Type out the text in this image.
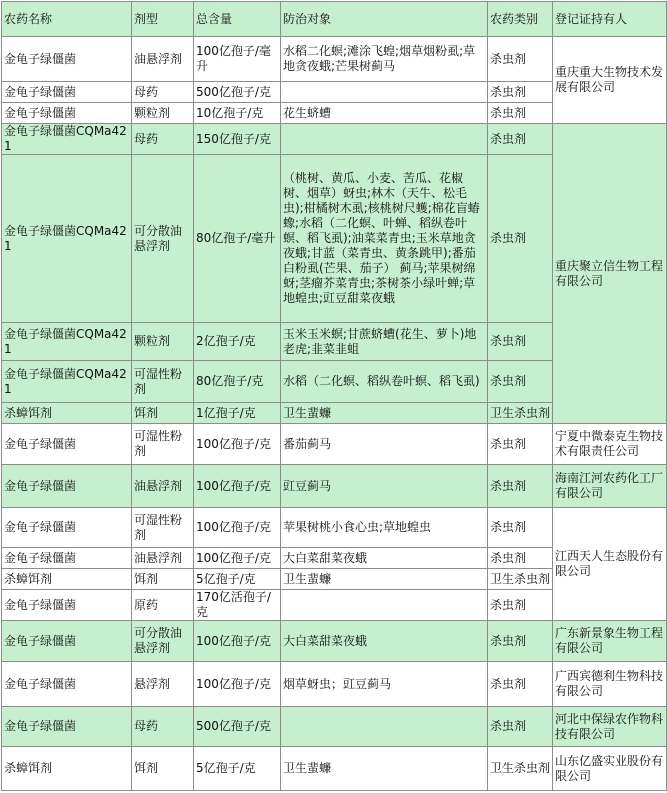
农药名称	剂型	总含量	防治对象	农药类别	登记证持有人
金龟子绿僵菌	油悬浮剂	100亿孢子/毫升	水稻二化螟;滩涂飞蝗;烟草烟粉虱;草地贪夜蛾;芒果树蓟马	杀虫剂	重庆重大生物技术发展有限公司
金龟子绿僵菌	母药	500亿孢子/克		杀虫剂	
金龟子绿僵菌	颗粒剂	10亿孢子/克	花生蛴螬	杀虫剂	
金龟子绿僵菌CQMa421	母药	150亿孢子/克		杀虫剂	重庆聚立信生物工程有限公司
金龟子绿僵菌CQMa421	可分散油悬浮剂	80亿孢子/毫升	（桃树、黄瓜、小麦、苦瓜、花椒树、烟草）蚜虫;林木（天牛、松毛虫);柑橘树木虱;核桃树尺蠖;棉花盲蝽蟓;水稻（二化螟、叶蝉、稻纵卷叶螟、稻飞虱);油菜菜青虫;玉米草地贪夜蛾;甘蓝（菜青虫、黄条跳甲);番茄白粉虱(芒果、茄子） 蓟马;苹果树绵蚜;茎瘤芥菜青虫;茶树茶小绿叶蝉;草地蝗虫;豇豆甜菜夜蛾	杀虫剂	
金龟子绿僵菌CQMa421	颗粒剂	2亿孢子/克	玉米玉米螟;甘蔗蛴螬(花生、萝卜)地老虎;韭菜韭蛆	杀虫剂	
金龟子绿僵菌CQMa421	可湿性粉剂	80亿孢子/克	水稻（二化螟、稻纵卷叶螟、稻飞虱)	杀虫剂	
杀蟑饵剂	饵剂	1亿孢子/克	卫生蜚蠊	卫生杀虫剂	
金龟子绿僵菌	可湿性粉剂	100亿孢子/克	番茄蓟马	杀虫剂	宁夏中微泰克生物技术有限责任公司
金龟子绿僵菌	油悬浮剂	100亿孢子/克	豇豆蓟马	杀虫剂	海南江河农药化工厂有限公司
金龟子绿僵菌	可湿性粉剂	100亿孢子/克	苹果树桃小食心虫;草地蝗虫	杀虫剂	江西天人生态股份有限公司
金龟子绿僵菌	油悬浮剂	100亿孢子/克	大白菜甜菜夜蛾	杀虫剂	
杀蟑饵剂	饵剂	5亿孢子/克	卫生蜚蠊	卫生杀虫剂	
金龟子绿僵菌	原药	170亿活孢子/克		杀虫剂	
金龟子绿僵菌	可分散油悬浮剂	100亿孢子/克	大白菜甜菜夜蛾	杀虫剂	广东新景象生物工程有限公司
金龟子绿僵菌	悬浮剂	100亿孢子/克	烟草蚜虫；豇豆蓟马	杀虫剂	广西宾德利生物科技有限公司
金龟子绿僵菌	母药	500亿孢子/克		杀虫剂	河北中保绿农作物科技有限公司
杀蟑饵剂	饵剂	5亿孢子/克	卫生蜚蠊	卫生杀虫剂	山东亿盛实业股份有限公司
